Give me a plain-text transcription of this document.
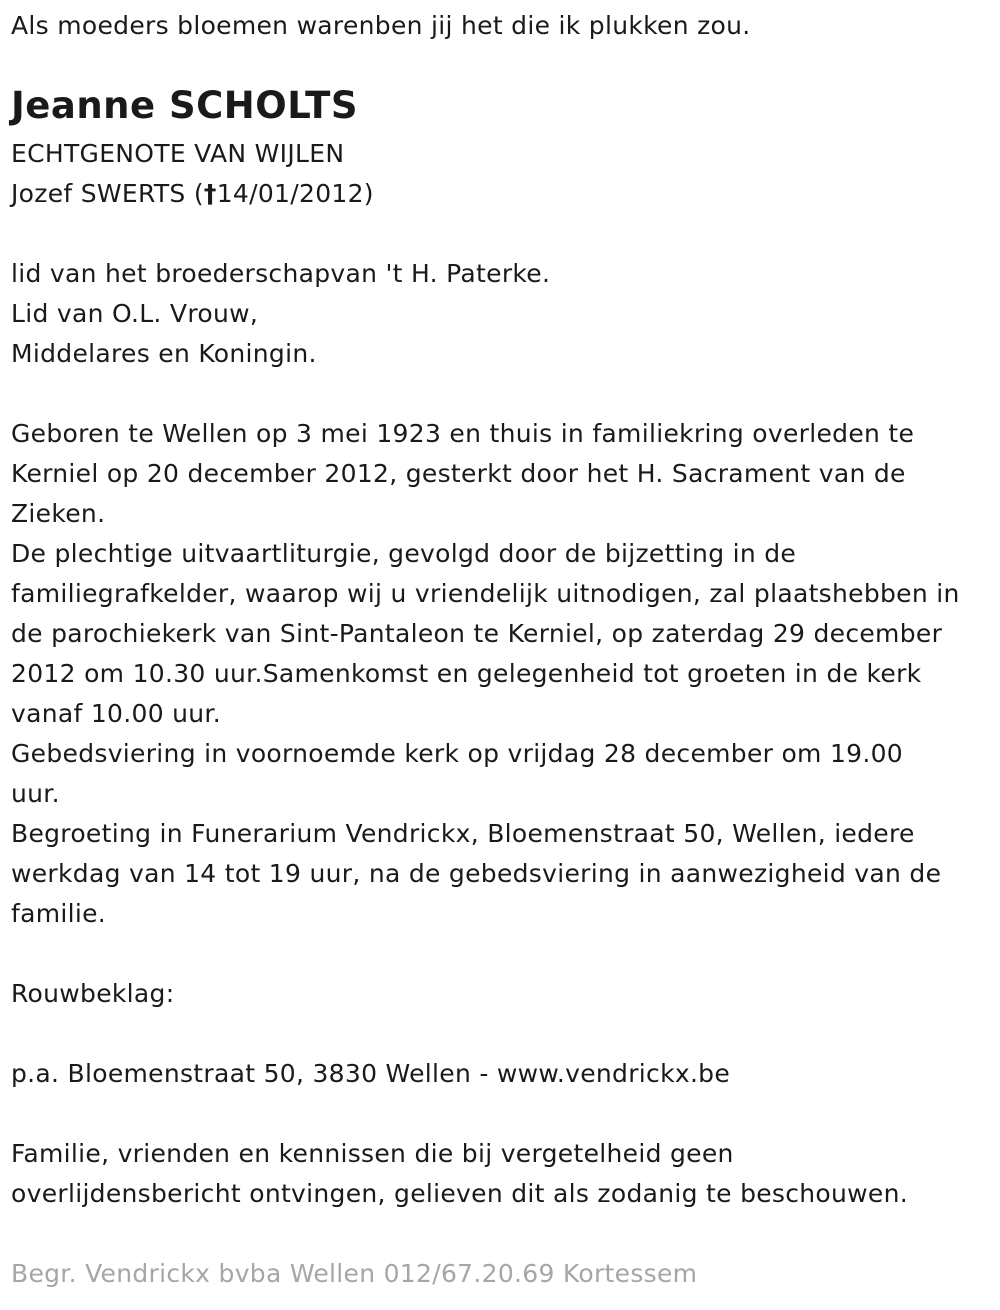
Als moeders bloemen warenben jij het die ik plukken zou.
Jeanne SCHOLTS
ECHTGENOTE VAN WIJLEN
Jozef SWERTS (†14/01/2012)
lid van het broederschapvan 't H. Paterke.
Lid van O.L. Vrouw,
Middelares en Koningin.
Geboren te Wellen op 3 mei 1923 en thuis in familiekring overleden te
Kerniel op 20 december 2012, gesterkt door het H. Sacrament van de
Zieken.
De plechtige uitvaartliturgie, gevolgd door de bijzetting in de
familiegrafkelder, waarop wij u vriendelijk uitnodigen, zal plaatshebben in
de parochiekerk van Sint-Pantaleon te Kerniel, op zaterdag 29 december
2012 om 10.30 uur.Samenkomst en gelegenheid tot groeten in de kerk
vanaf 10.00 uur.
Gebedsviering in voornoemde kerk op vrijdag 28 december om 19.00
uur.
Begroeting in Funerarium Vendrickx, Bloemenstraat 50, Wellen, iedere
werkdag van 14 tot 19 uur, na de gebedsviering in aanwezigheid van de
familie.
Rouwbeklag:
p.a. Bloemenstraat 50, 3830 Wellen - www.vendrickx.be
Familie, vrienden en kennissen die bij vergetelheid geen
overlijdensbericht ontvingen, gelieven dit als zodanig te beschouwen.
Begr. Vendrickx bvba Wellen 012/67.20.69 Kortessem
